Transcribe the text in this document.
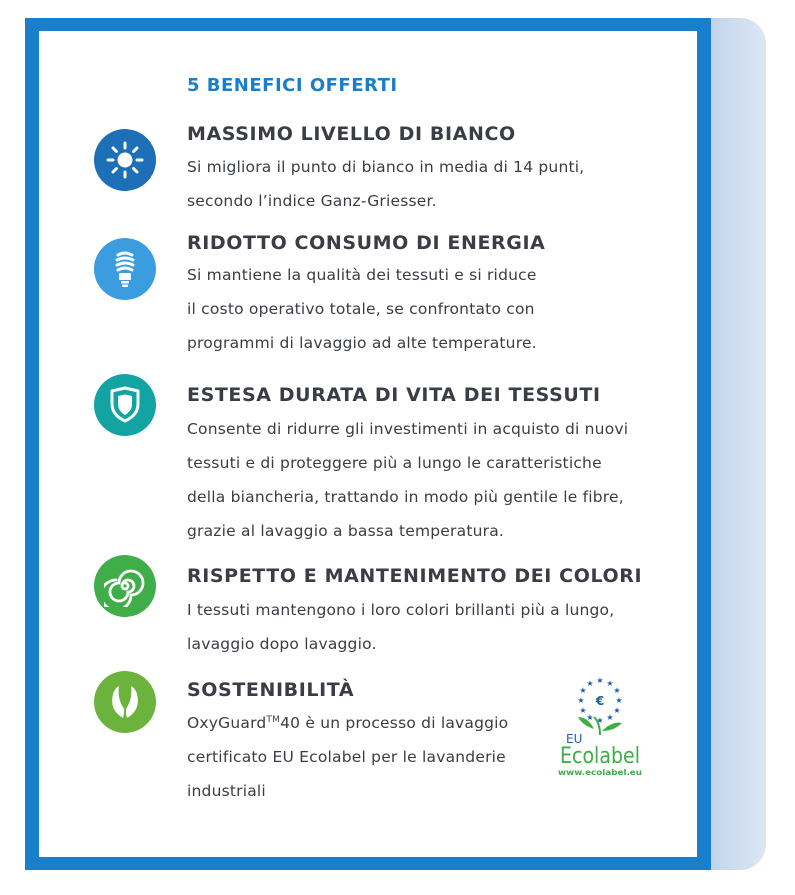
5 BENEFICI OFFERTI
MASSIMO LIVELLO DI BIANCO
Si migliora il punto di bianco in media di 14 punti,
secondo l’indice Ganz-Griesser.
RIDOTTO CONSUMO DI ENERGIA
Si mantiene la qualità dei tessuti e si riduce
il costo operativo totale, se confrontato con
programmi di lavaggio ad alte temperature.
ESTESA DURATA DI VITA DEI TESSUTI
Consente di ridurre gli investimenti in acquisto di nuovi
tessuti e di proteggere più a lungo le caratteristiche
della biancheria, trattando in modo più gentile le fibre,
grazie al lavaggio a bassa temperatura.
RISPETTO E MANTENIMENTO DEI COLORI
I tessuti mantengono i loro colori brillanti più a lungo,
lavaggio dopo lavaggio.
SOSTENIBILITÀ
OxyGuard™40 è un processo di lavaggio
certificato EU Ecolabel per le lavanderie
industriali
★ ★
★
★
★
★
★
★
★
★
★
★
€
EU
Ecolabel
www.ecolabel.eu
